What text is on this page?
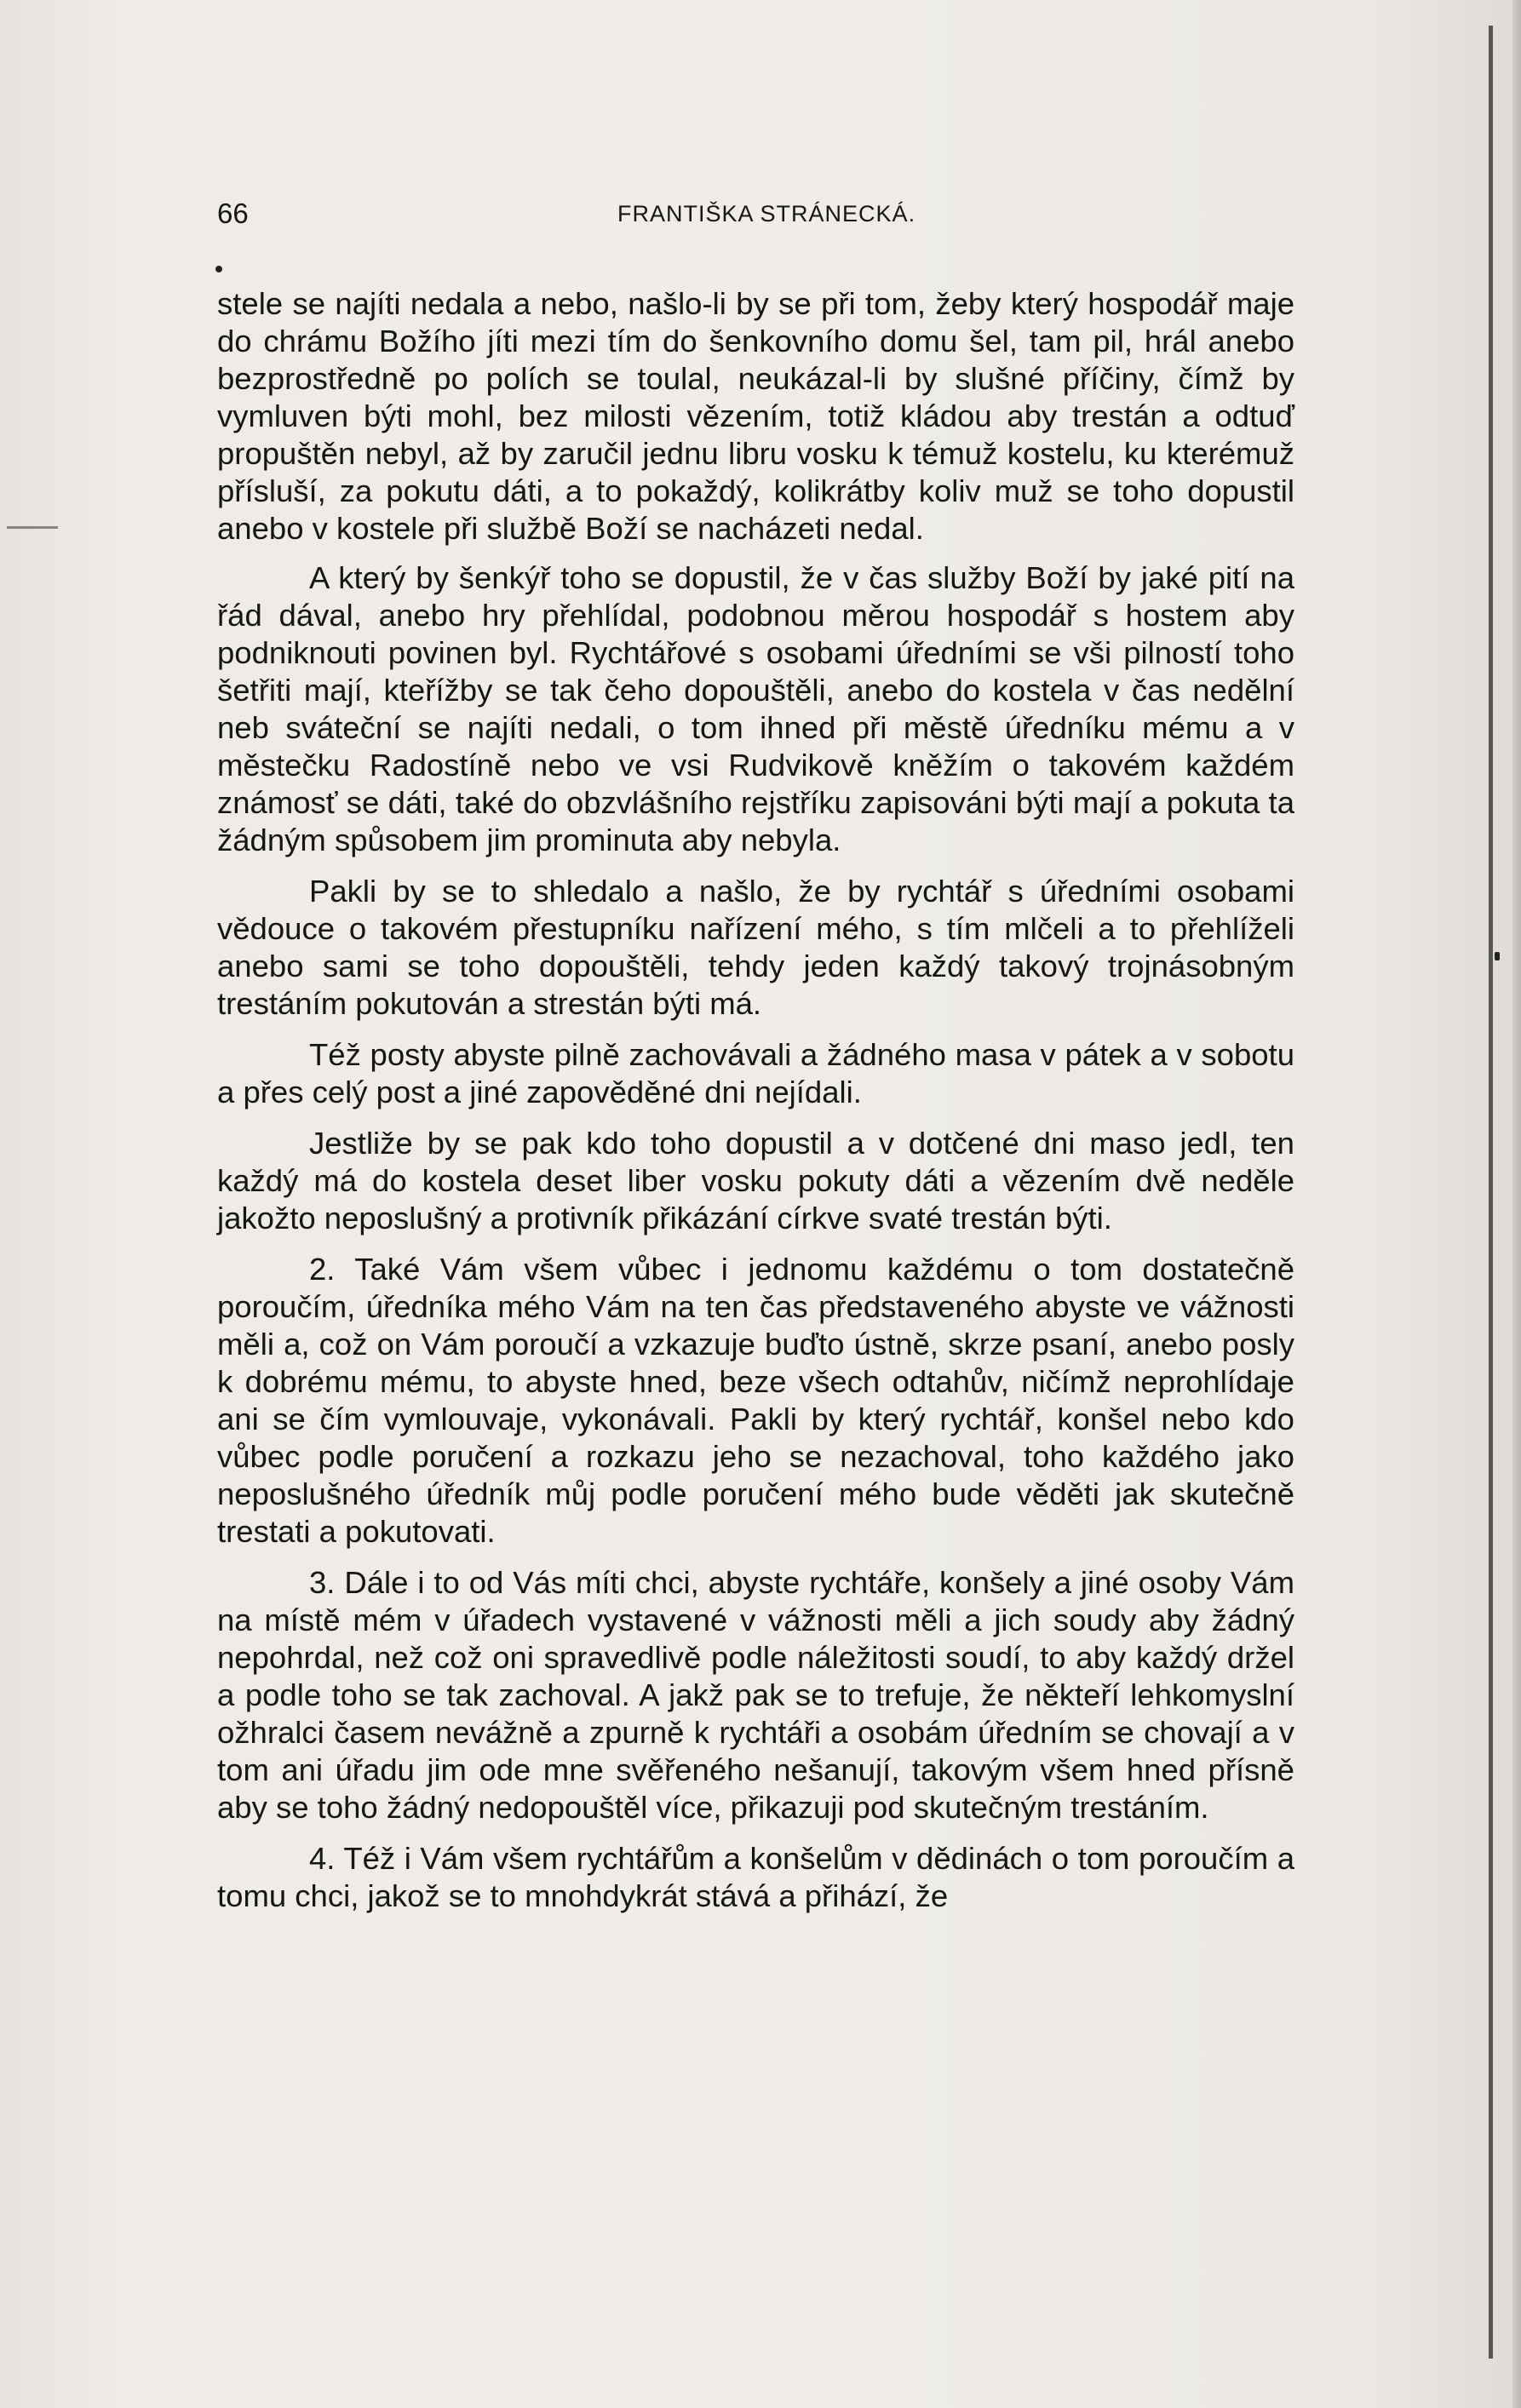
66	FRANTIŠKA STRÁNECKÁ.

stele se najíti nedala a nebo, našlo-li by se při tom, žeby který hospodář maje do chrámu Božího jíti mezi tím do šenkovního domu šel, tam pil, hrál anebo bezprostředně po polích se toulal, neukázal-li by slušné příčiny, čímž by vymluven býti mohl, bez milosti vězením, totiž kládou aby trestán a odtuď propuštěn nebyl, až by zaručil jednu libru vosku k témuž kostelu, ku kterémuž přísluší, za pokutu dáti, a to pokaždý, kolikrátby koliv muž se toho dopustil anebo v kostele při službě Boží se nacházeti nedal.

A který by šenkýř toho se dopustil, že v čas služby Boží by jaké pití na řád dával, anebo hry přehlídal, podobnou měrou hospodář s hostem aby podniknouti povinen byl. Rychtářové s osobami úředními se vši pilností toho šetřiti mají, kteřížby se tak čeho dopouštěli, anebo do kostela v čas nedělní neb sváteční se najíti nedali, o tom ihned při městě úředníku mému a v městečku Radostíně nebo ve vsi Rudvikově kněžím o takovém každém známosť se dáti, také do obzvlášního rejstříku zapisováni býti mají a pokuta ta žádným spůsobem jim prominuta aby nebyla.

Pakli by se to shledalo a našlo, že by rychtář s úředními osobami vědouce o takovém přestupníku nařízení mého, s tím mlčeli a to přehlíželi anebo sami se toho dopouštěli, tehdy jeden každý takový trojnásobným trestáním pokutován a strestán býti má.

Též posty abyste pilně zachovávali a žádného masa v pátek a v sobotu a přes celý post a jiné zapověděné dni nejídali.

Jestliže by se pak kdo toho dopustil a v dotčené dni maso jedl, ten každý má do kostela deset liber vosku pokuty dáti a vězením dvě neděle jakožto neposlušný a protivník přikázání církve svaté trestán býti.

2. Také Vám všem vůbec i jednomu každému o tom dostatečně poroučím, úředníka mého Vám na ten čas představeného abyste ve vážnosti měli a, což on Vám poroučí a vzkazuje buďto ústně, skrze psaní, anebo posly k dobrému mému, to abyste hned, beze všech odtahův, ničímž neprohlídaje ani se čím vymlouvaje, vykonávali. Pakli by který rychtář, konšel nebo kdo vůbec podle poručení a rozkazu jeho se nezachoval, toho každého jako neposlušného úředník můj podle poručení mého bude věděti jak skutečně trestati a pokutovati.

3. Dále i to od Vás míti chci, abyste rychtáře, konšely a jiné osoby Vám na místě mém v úřadech vystavené v vážnosti měli a jich soudy aby žádný nepohrdal, než což oni spravedlivě podle náležitosti soudí, to aby každý držel a podle toho se tak zachoval. A jakž pak se to trefuje, že někteří lehkomyslní ožhralci časem nevážně a zpurně k rychtáři a osobám úředním se chovají a v tom ani úřadu jim ode mne svěřeného nešanují, takovým všem hned přísně aby se toho žádný nedopouštěl více, přikazuji pod skutečným trestáním.

4. Též i Vám všem rychtářům a konšelům v dědinách o tom poroučím a tomu chci, jakož se to mnohdykrát stává a přihází, že
